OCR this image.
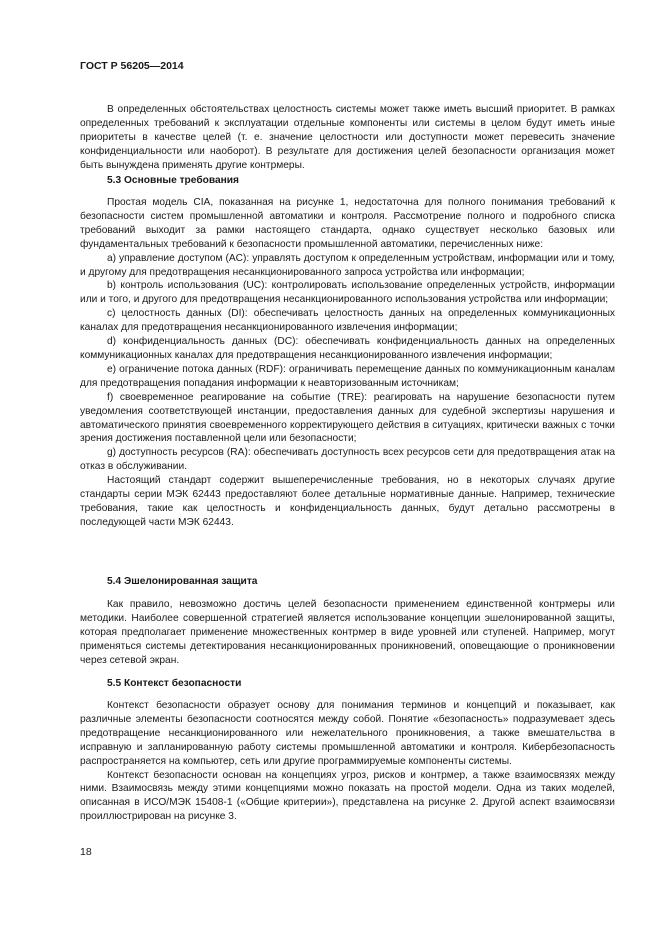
ГОСТ Р 56205—2014

В определенных обстоятельствах целостность системы может также иметь высший приоритет. В рамках определенных требований к эксплуатации отдельные компоненты или системы в целом будут иметь иные приоритеты в качестве целей (т. е. значение целостности или доступности может перевесить значение конфиденциальности или наоборот). В результате для достижения целей безопасности организация может быть вынуждена применять другие контрмеры.

5.3 Основные требования

Простая модель CIA, показанная на рисунке 1, недостаточна для полного понимания требований к безопасности систем промышленной автоматики и контроля. Рассмотрение полного и подробного списка требований выходит за рамки настоящего стандарта, однако существует несколько базовых или фундаментальных требований к безопасности промышленной автоматики, перечисленных ниже:

а) управление доступом (AC): управлять доступом к определенным устройствам, информации или и тому, и другому для предотвращения несанкционированного запроса устройства или информации;

b) контроль использования (UC): контролировать использование определенных устройств, информации или и того, и другого для предотвращения несанкционированного использования устройства или информации;

c) целостность данных (DI): обеспечивать целостность данных на определенных коммуникационных каналах для предотвращения несанкционированного извлечения информации;

d) конфиденциальность данных (DC): обеспечивать конфиденциальность данных на определенных коммуникационных каналах для предотвращения несанкционированного извлечения информации;

e) ограничение потока данных (RDF): ограничивать перемещение данных по коммуникационным каналам для предотвращения попадания информации к неавторизованным источникам;

f) своевременное реагирование на событие (TRE): реагировать на нарушение безопасности путем уведомления соответствующей инстанции, предоставления данных для судебной экспертизы нарушения и автоматического принятия своевременного корректирующего действия в ситуациях, критически важных с точки зрения достижения поставленной цели или безопасности;

g) доступность ресурсов (RA): обеспечивать доступность всех ресурсов сети для предотвращения атак на отказ в обслуживании.

Настоящий стандарт содержит вышеперечисленные требования, но в некоторых случаях другие стандарты серии МЭК 62443 предоставляют более детальные нормативные данные. Например, технические требования, такие как целостность и конфиденциальность данных, будут детально рассмотрены в последующей части МЭК 62443.

5.4 Эшелонированная защита

Как правило, невозможно достичь целей безопасности применением единственной контрмеры или методики. Наиболее совершенной стратегией является использование концепции эшелонированной защиты, которая предполагает применение множественных контрмер в виде уровней или ступеней. Например, могут применяться системы детектирования несанкционированных проникновений, оповещающие о проникновении через сетевой экран.

5.5 Контекст безопасности

Контекст безопасности образует основу для понимания терминов и концепций и показывает, как различные элементы безопасности соотносятся между собой. Понятие «безопасность» подразумевает здесь предотвращение несанкционированного или нежелательного проникновения, а также вмешательства в исправную и запланированную работу системы промышленной автоматики и контроля. Кибербезопасность распространяется на компьютер, сеть или другие программируемые компоненты системы.

Контекст безопасности основан на концепциях угроз, рисков и контрмер, а также взаимосвязях между ними. Взаимосвязь между этими концепциями можно показать на простой модели. Одна из таких моделей, описанная в ИСО/МЭК 15408-1 («Общие критерии»), представлена на рисунке 2. Другой аспект взаимосвязи проиллюстрирован на рисунке 3.

18
